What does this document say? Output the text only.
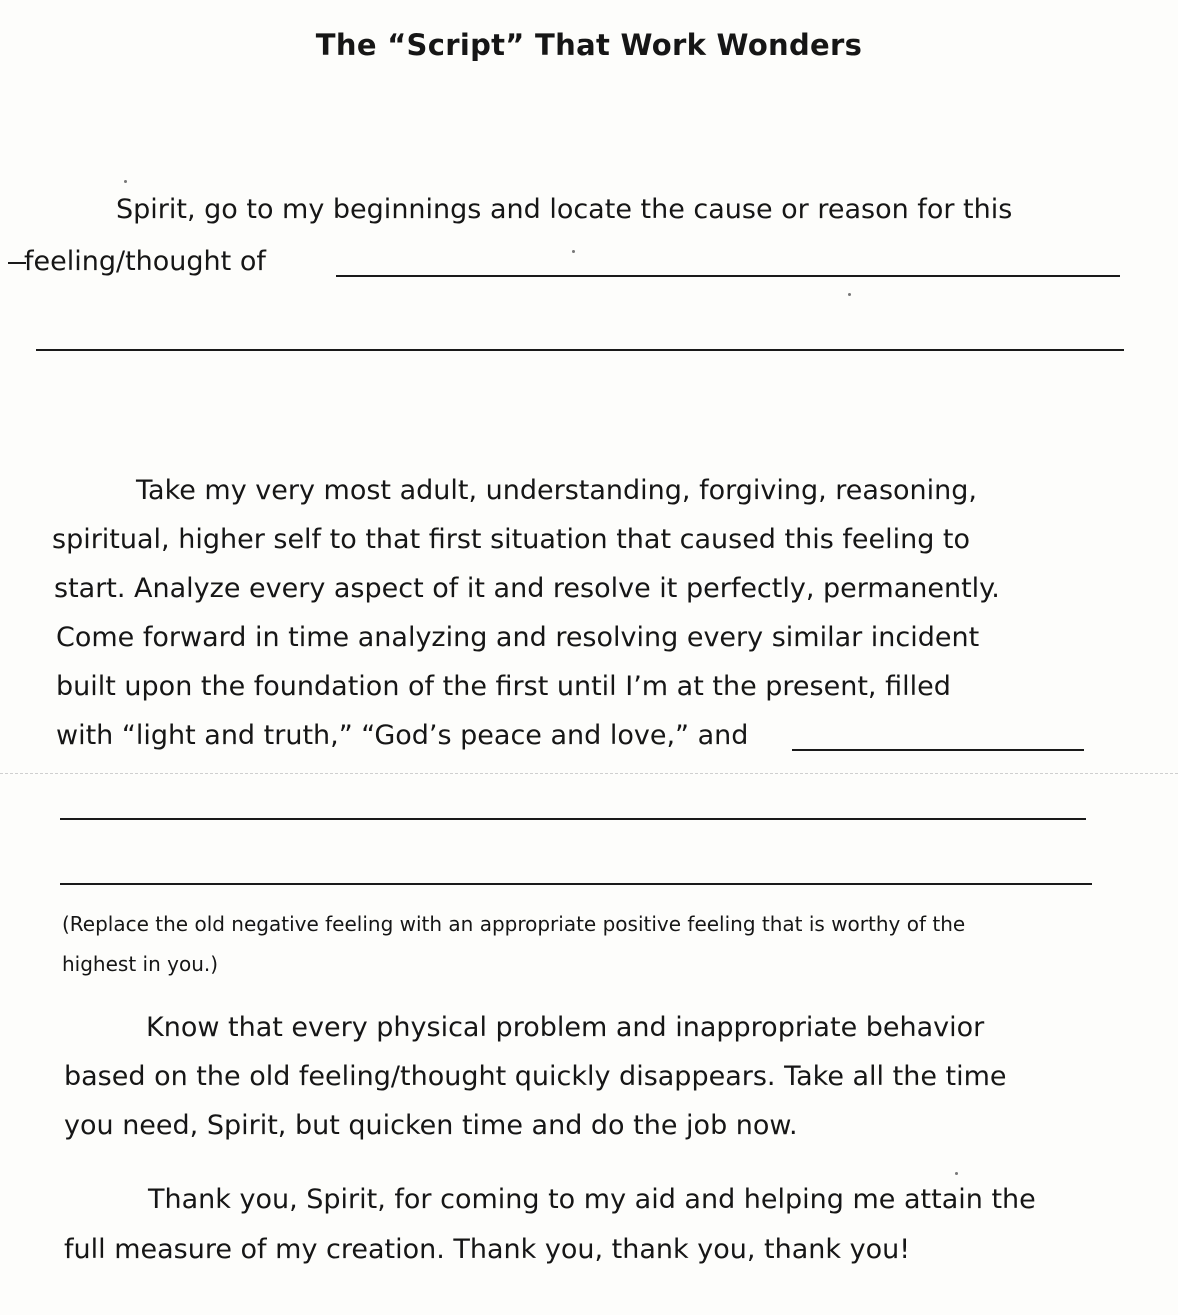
The “Script” That Work Wonders
Spirit, go to my beginnings and locate the cause or reason for this
feeling/thought of
Take my very most adult, understanding, forgiving, reasoning,
spiritual, higher self to that first situation that caused this feeling to
start. Analyze every aspect of it and resolve it perfectly, permanently.
Come forward in time analyzing and resolving every similar incident
built upon the foundation of the first until I’m at the present, filled
with “light and truth,” “God’s peace and love,” and
(Replace the old negative feeling with an appropriate positive feeling that is worthy of the
highest in you.)
Know that every physical problem and inappropriate behavior
based on the old feeling/thought quickly disappears. Take all the time
you need, Spirit, but quicken time and do the job now.
Thank you, Spirit, for coming to my aid and helping me attain the
full measure of my creation. Thank you, thank you, thank you!
